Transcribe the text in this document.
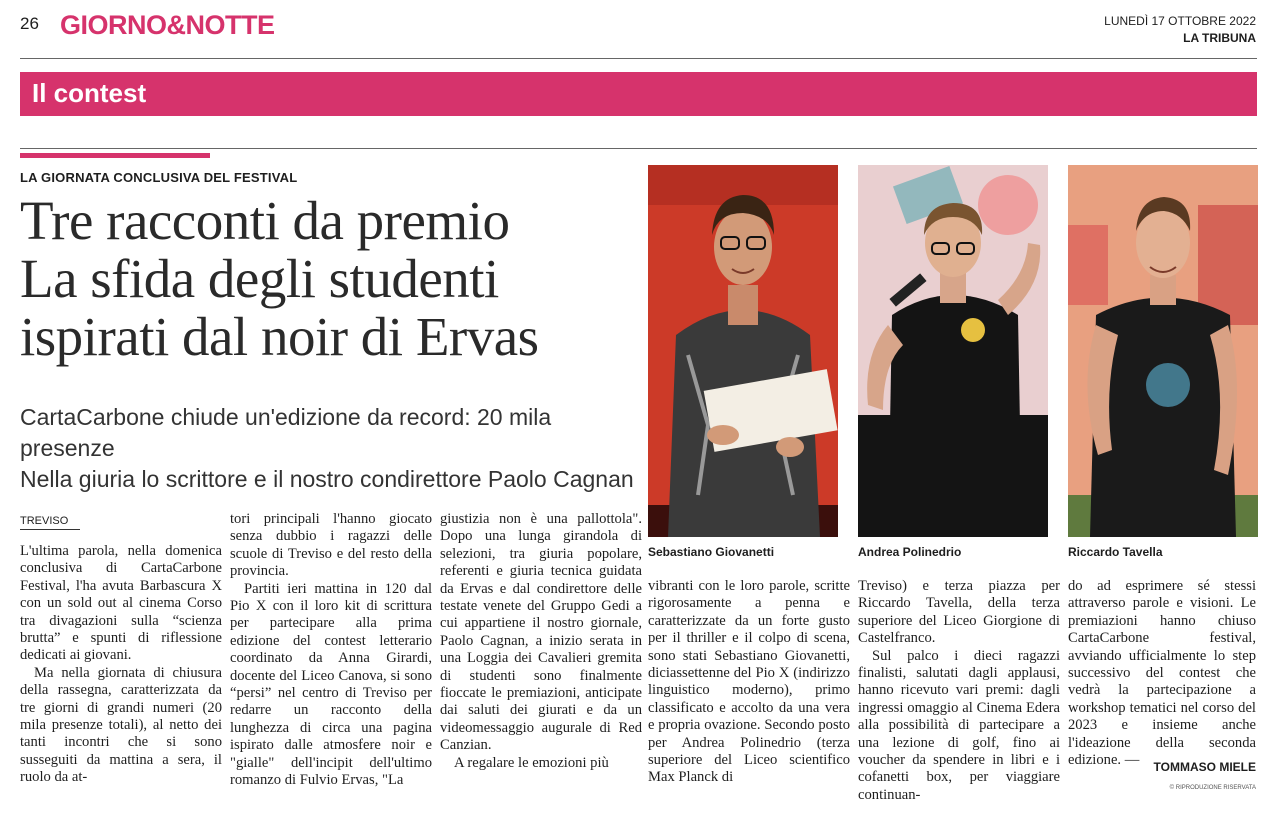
26 GIORNO&NOTTE	LUNEDÌ 17 OTTOBRE 2022
LA TRIBUNA
Il contest
LA GIORNATA CONCLUSIVA DEL FESTIVAL
Tre racconti da premio
La sfida degli studenti
ispirati dal noir di Ervas
CartaCarbone chiude un'edizione da record: 20 mila presenze
Nella giuria lo scrittore e il nostro condirettore Paolo Cagnan
TREVISO

L'ultima parola, nella domenica conclusiva di CartaCarbone Festival, l'ha avuta Barbascura X con un sold out al cinema Corso tra divagazioni sulla “scienza brutta” e spunti di riflessione dedicati ai giovani.

Ma nella giornata di chiusura della rassegna, caratterizzata da tre giorni di grandi numeri (20 mila presenze totali), al netto dei tanti incontri che si sono susseguiti da mattina a sera, il ruolo da at-

tori principali l'hanno giocato senza dubbio i ragazzi delle scuole di Treviso e del resto della provincia.

Partiti ieri mattina in 120 dal Pio X con il loro kit di scrittura per partecipare alla prima edizione del contest letterario coordinato da Anna Girardi, docente del Liceo Canova, si sono “persi” nel centro di Treviso per redarre un racconto della lunghezza di circa una pagina ispirato dalle atmosfere noir e "gialle" dell'incipit dell'ultimo romanzo di Fulvio Ervas, "La

giustizia non è una pallottola". Dopo una lunga girandola di selezioni, tra giuria popolare, referenti e giuria tecnica guidata da Ervas e dal condirettore delle testate venete del Gruppo Gedi a cui appartiene il nostro giornale, Paolo Cagnan, a inizio serata in una Loggia dei Cavalieri gremita di studenti sono finalmente fioccate le premiazioni, anticipate dai saluti dei giurati e da un videomessaggio augurale di Red Canzian.

A regalare le emozioni più

vibranti con le loro parole, scritte rigorosamente a penna e caratterizzate da un forte gusto per il thriller e il colpo di scena, sono stati Sebastiano Giovanetti, diciassettenne del Pio X (indirizzo linguistico moderno), primo classificato e accolto da una vera e propria ovazione. Secondo posto per Andrea Polinedrio (terza superiore del Liceo scientifico Max Planck di

Treviso) e terza piazza per Riccardo Tavella, della terza superiore del Liceo Giorgione di Castelfranco.

Sul palco i dieci ragazzi finalisti, salutati dagli applausi, hanno ricevuto vari premi: dagli ingressi omaggio al Cinema Edera alla possibilità di partecipare a una lezione di golf, fino ai voucher da spendere in libri e i cofanetti box, per viaggiare continuan-

do ad esprimere sé stessi attraverso parole e visioni. Le premiazioni hanno chiuso CartaCarbone festival, avviando ufficialmente lo step successivo del contest che vedrà la partecipazione a workshop tematici nel corso del 2023 e insieme anche l'ideazione della seconda edizione. —	TOMMASO MIELE
© RIPRODUZIONE RISERVATA
Sebastiano Giovanetti	Andrea Polinedrio	Riccardo Tavella
